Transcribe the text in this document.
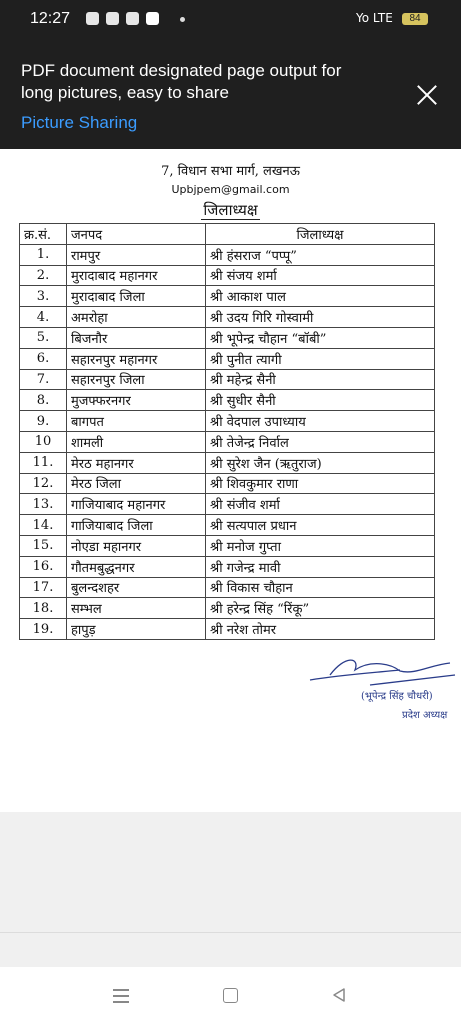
12:27	Yo LTE	84
PDF document designated page output for long pictures, easy to share
Picture Sharing
7, विधान सभा मार्ग, लखनऊ
Upbjpem@gmail.com
जिलाध्यक्ष
क्र.सं.	जनपद	जिलाध्यक्ष
1.	रामपुर	श्री हंसराज “पप्पू”
2.	मुरादाबाद महानगर	श्री संजय शर्मा
3.	मुरादाबाद जिला	श्री आकाश पाल
4.	अमरोहा	श्री उदय गिरि गोस्वामी
5.	बिजनौर	श्री भूपेन्द्र चौहान “बॉबी”
6.	सहारनपुर महानगर	श्री पुनीत त्यागी
7.	सहारनपुर जिला	श्री महेन्द्र सैनी
8.	मुजफ्फरनगर	श्री सुधीर सैनी
9.	बागपत	श्री वेदपाल उपाध्याय
10	शामली	श्री तेजेन्द्र निर्वाल
11.	मेरठ महानगर	श्री सुरेश जैन (ऋतुराज)
12.	मेरठ जिला	श्री शिवकुमार राणा
13.	गाजियाबाद महानगर	श्री संजीव शर्मा
14.	गाजियाबाद जिला	श्री सत्यपाल प्रधान
15.	नोएडा महानगर	श्री मनोज गुप्ता
16.	गौतमबुद्धनगर	श्री गजेन्द्र मावी
17.	बुलन्दशहर	श्री विकास चौहान
18.	सम्भल	श्री हरेन्द्र सिंह “रिंकू”
19.	हापुड़	श्री नरेश तोमर
(भूपेन्द्र सिंह चौधरी)
प्रदेश अध्यक्ष
